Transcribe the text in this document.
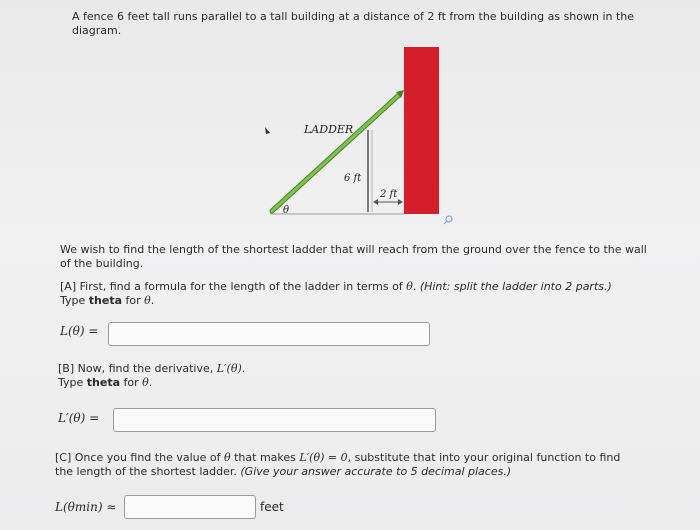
A fence 6 feet tall runs parallel to a tall building at a distance of 2 ft from the building as shown in the
diagram.
LADDER
6 ft
2 ft
θ
We wish to find the length of the shortest ladder that will reach from the ground over the fence to the wall
of the building.
[A] First, find a formula for the length of the ladder in terms of θ. (Hint: split the ladder into 2 parts.)
Type theta for θ.
L(θ) =
[B] Now, find the derivative, L′(θ).
Type theta for θ.
L′(θ) =
[C] Once you find the value of θ that makes L′(θ) = 0, substitute that into your original function to find
the length of the shortest ladder. (Give your answer accurate to 5 decimal places.)
L(θmin) ≈	feet
